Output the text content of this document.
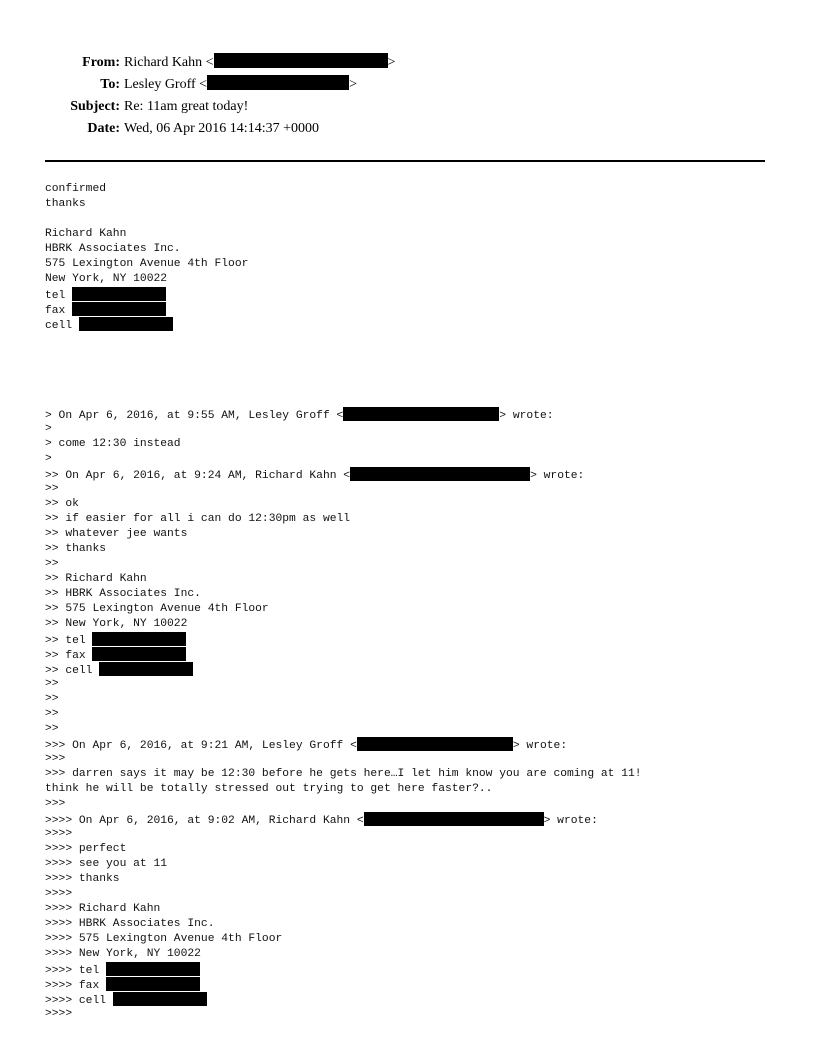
From: Richard Kahn <	>
To: Lesley Groff <	>
Subject: Re: 11am great today!
Date: Wed, 06 Apr 2016 14:14:37 +0000
confirmed
thanks
Richard Kahn
HBRK Associates Inc.
575 Lexington Avenue 4th Floor
New York, NY 10022
tel
fax
cell
> On Apr 6, 2016, at 9:55 AM, Lesley Groff <	> wrote:
>
> come 12:30 instead
>
>> On Apr 6, 2016, at 9:24 AM, Richard Kahn <	> wrote:
>>
>> ok
>> if easier for all i can do 12:30pm as well
>> whatever jee wants
>> thanks
>>
>> Richard Kahn
>> HBRK Associates Inc.
>> 575 Lexington Avenue 4th Floor
>> New York, NY 10022
>> tel
>> fax
>> cell
>>
>>
>>
>>
>>> On Apr 6, 2016, at 9:21 AM, Lesley Groff <	> wrote:
>>>
>>> darren says it may be 12:30 before he gets here…I let him know you are coming at 11!
think he will be totally stressed out trying to get here faster?..
>>>
>>>> On Apr 6, 2016, at 9:02 AM, Richard Kahn <	> wrote:
>>>>
>>>> perfect
>>>> see you at 11
>>>> thanks
>>>>
>>>> Richard Kahn
>>>> HBRK Associates Inc.
>>>> 575 Lexington Avenue 4th Floor
>>>> New York, NY 10022
>>>> tel
>>>> fax
>>>> cell
>>>>
